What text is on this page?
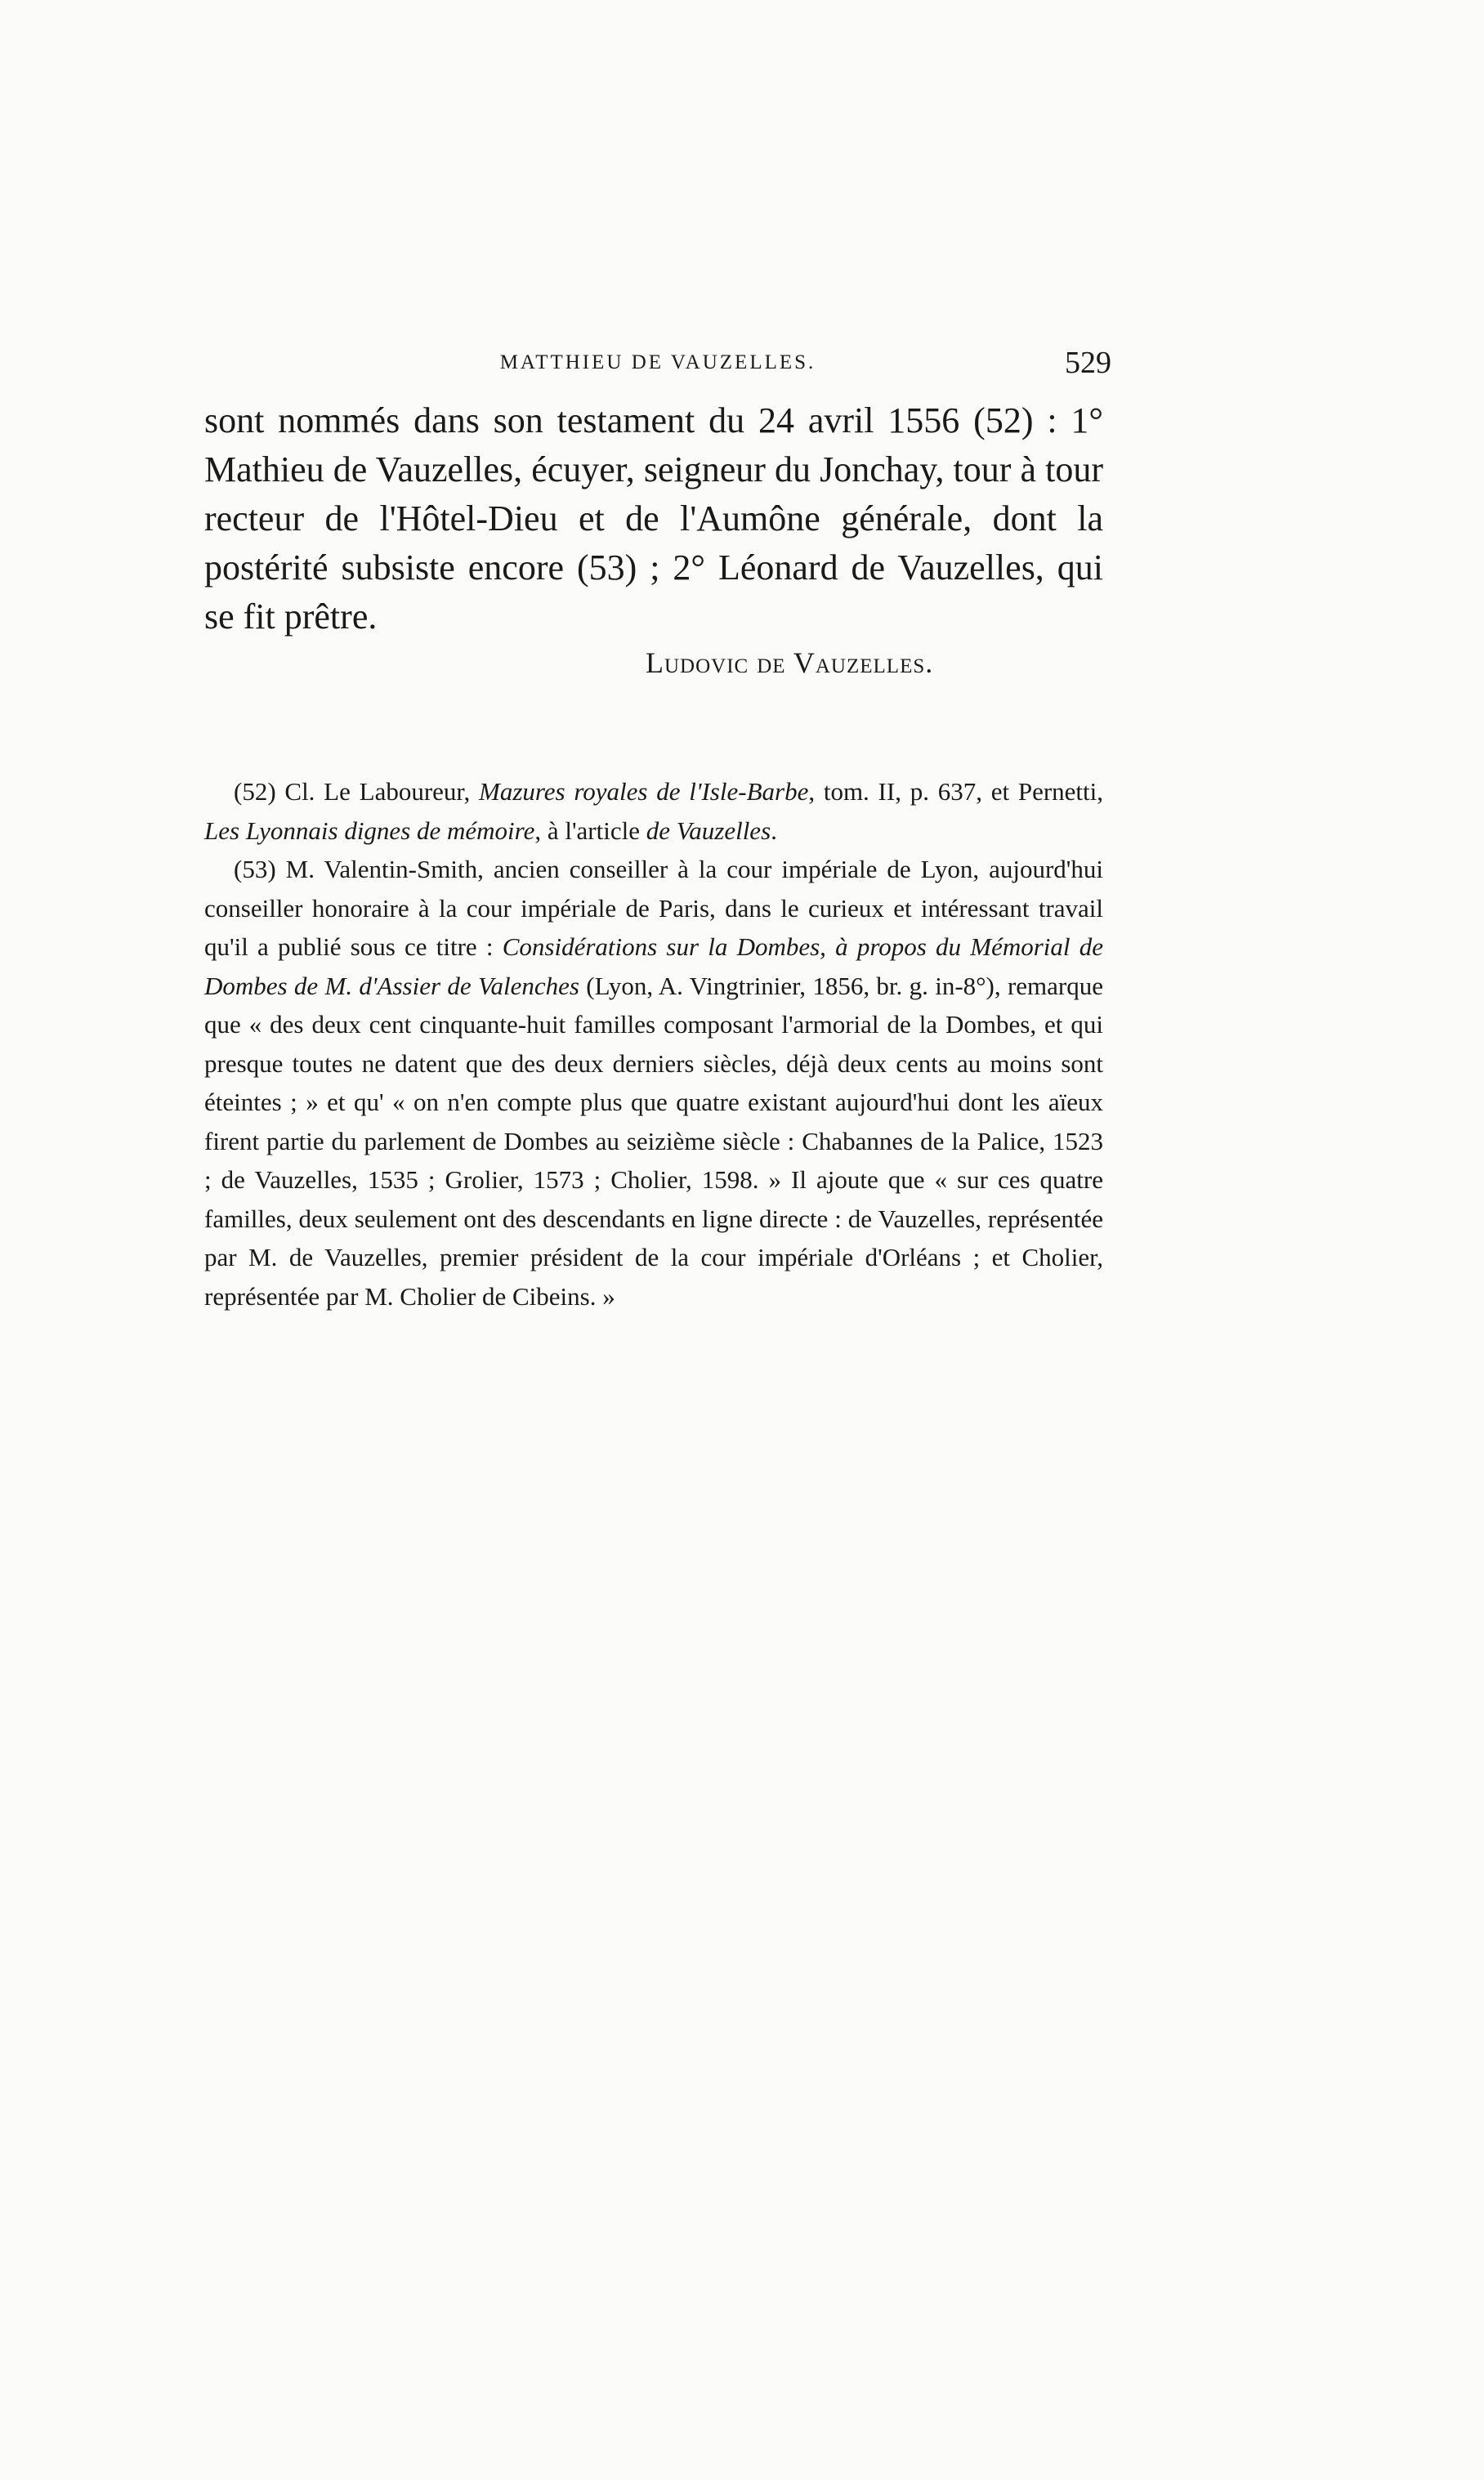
MATTHIEU DE VAUZELLES.	529

sont nommés dans son testament du 24 avril 1556 (52) : 1° Mathieu de Vauzelles, écuyer, seigneur du Jonchay, tour à tour recteur de l'Hôtel-Dieu et de l'Aumône générale, dont la postérité subsiste encore (53) ; 2° Léonard de Vauzelles, qui se fit prêtre.

Ludovic de Vauzelles.

(52) Cl. Le Laboureur, Mazures royales de l'Isle-Barbe, tom. II, p. 637, et Pernetti, Les Lyonnais dignes de mémoire, à l'article de Vauzelles.

(53) M. Valentin-Smith, ancien conseiller à la cour impériale de Lyon, aujourd'hui conseiller honoraire à la cour impériale de Paris, dans le curieux et intéressant travail qu'il a publié sous ce titre : Considérations sur la Dombes, à propos du Mémorial de Dombes de M. d'Assier de Valenches (Lyon, A. Vingtrinier, 1856, br. g. in-8°), remarque que « des deux cent cinquante-huit familles composant l'armorial de la Dombes, et qui presque toutes ne datent que des deux derniers siècles, déjà deux cents au moins sont éteintes ; » et qu' « on n'en compte plus que quatre existant aujourd'hui dont les aïeux firent partie du parlement de Dombes au seizième siècle : Chabannes de la Palice, 1523 ; de Vauzelles, 1535 ; Grolier, 1573 ; Cholier, 1598. » Il ajoute que « sur ces quatre familles, deux seulement ont des descendants en ligne directe : de Vauzelles, représentée par M. de Vauzelles, premier président de la cour impériale d'Orléans ; et Cholier, représentée par M. Cholier de Cibeins. »
